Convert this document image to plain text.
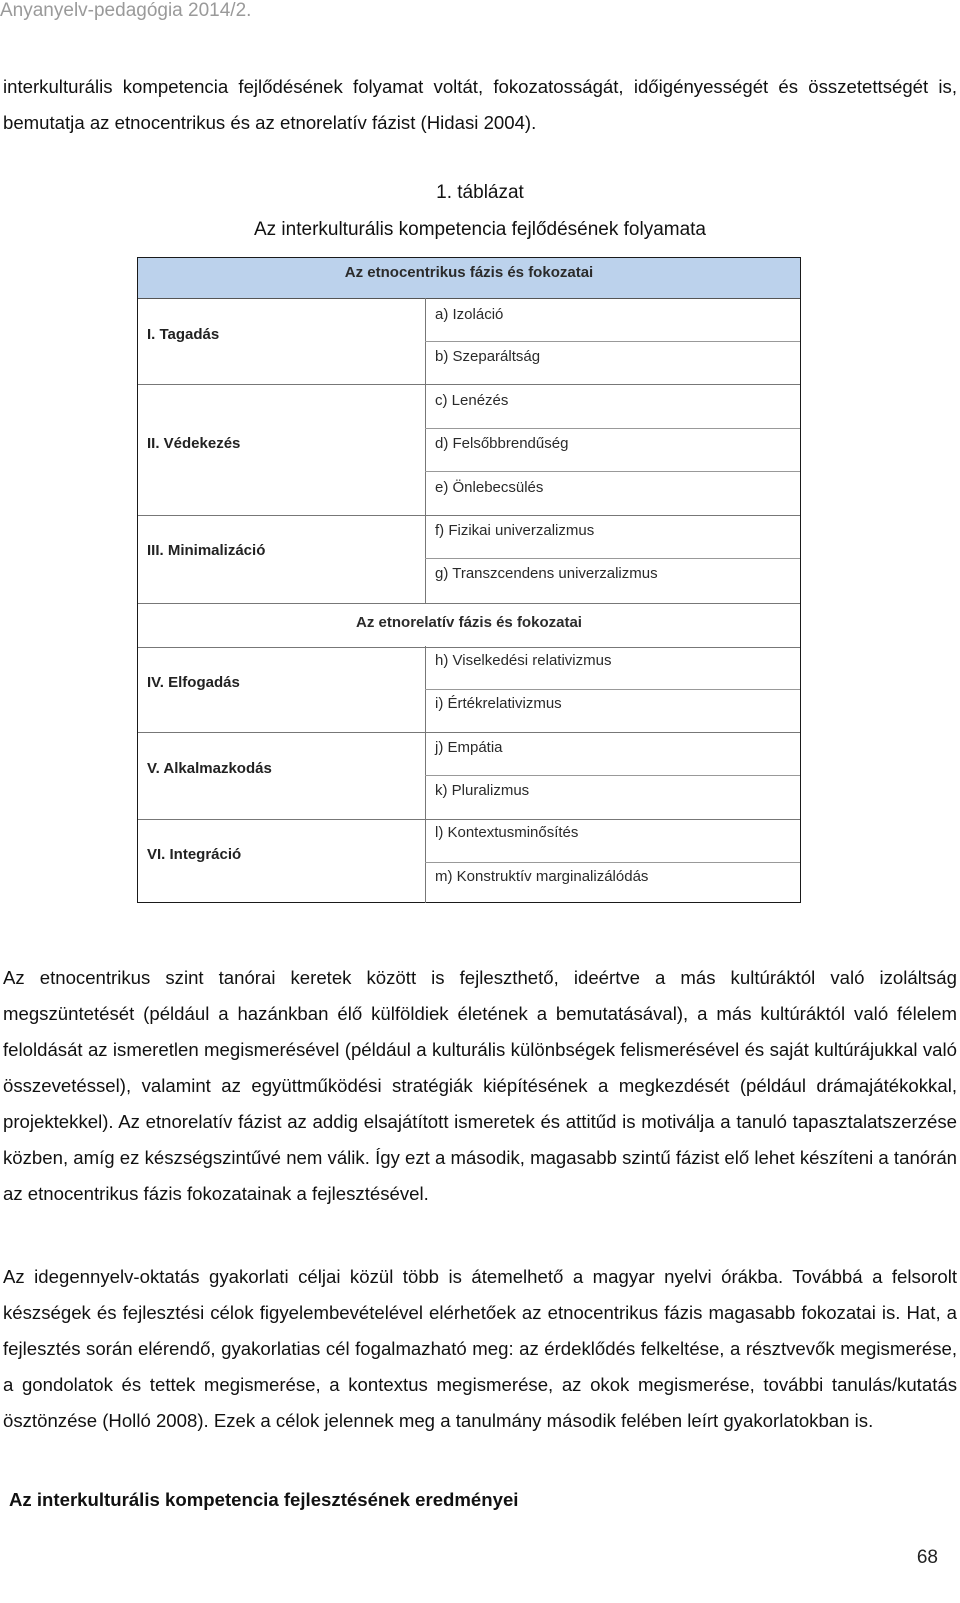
Anyanyelv-pedagógia 2014/2.

interkulturális kompetencia fejlődésének folyamat voltát, fokozatosságát, időigényességét és összetettségét is, bemutatja az etnocentrikus és az etnorelatív fázist (Hidasi 2004).

1. táblázat
Az interkulturális kompetencia fejlődésének folyamata
Az etnocentrikus fázis és fokozatai
Az etnorelatív fázis és fokozatai
I. Tagadás
II. Védekezés
III. Minimalizáció
IV. Elfogadás
V. Alkalmazkodás
VI. Integráció
a) Izoláció
b) Szeparáltság
c) Lenézés
d) Felsőbbrendűség
e) Önlebecsülés
f) Fizikai univerzalizmus
g) Transzcendens univerzalizmus
h) Viselkedési relativizmus
i) Értékrelativizmus
j) Empátia
k) Pluralizmus
l) Kontextusminősítés
m) Konstruktív marginalizálódás

Az etnocentrikus szint tanórai keretek között is fejleszthető, ideértve a más kultúráktól való izoláltság megszüntetését (például a hazánkban élő külföldiek életének a bemutatásával), a más kultúráktól való félelem feloldását az ismeretlen megismerésével (például a kulturális különbségek felismerésével és saját kultúrájukkal való összevetéssel), valamint az együttműködési stratégiák kiépítésének a megkezdését (például drámajátékokkal, projektekkel). Az etnorelatív fázist az addig elsajátított ismeretek és attitűd is motiválja a tanuló tapasztalatszerzése közben, amíg ez készségszintűvé nem válik. Így ezt a második, magasabb szintű fázist elő lehet készíteni a tanórán az etnocentrikus fázis fokozatainak a fejlesztésével.

Az idegennyelv-oktatás gyakorlati céljai közül több is átemelhető a magyar nyelvi órákba. Továbbá a felsorolt készségek és fejlesztési célok figyelembevételével elérhetőek az etnocentrikus fázis magasabb fokozatai is. Hat, a fejlesztés során elérendő, gyakorlatias cél fogalmazható meg: az érdeklődés felkeltése, a résztvevők megismerése, a gondolatok és tettek megismerése, a kontextus megismerése, az okok megismerése, további tanulás/kutatás ösztönzése (Holló 2008). Ezek a célok jelennek meg a tanulmány második felében leírt gyakorlatokban is.

Az interkulturális kompetencia fejlesztésének eredményei
68
